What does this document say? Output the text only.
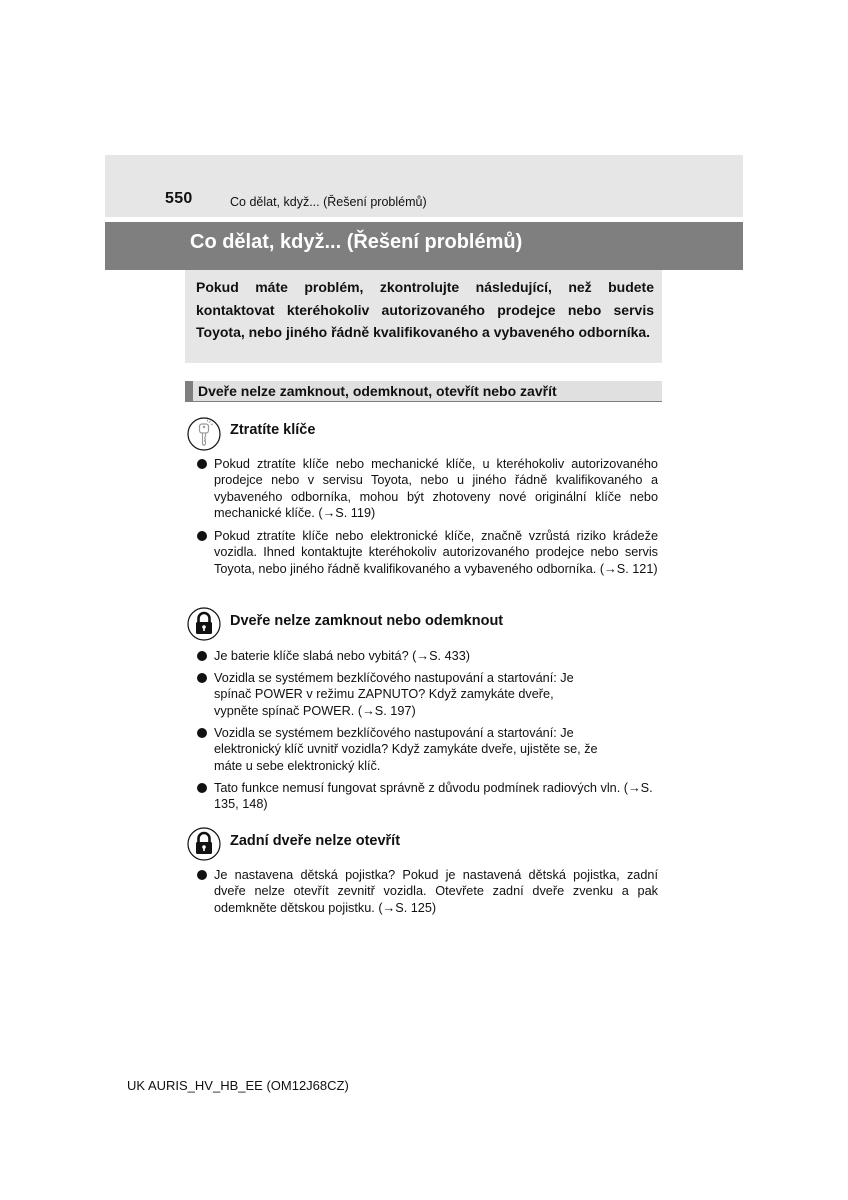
550	Co dělat, když... (Řešení problémů)
Co dělat, když... (Řešení problémů)
Pokud máte problém, zkontrolujte následující, než budete kontaktovat kteréhokoliv autorizovaného prodejce nebo servis Toyota, nebo jiného řádně kvalifikovaného a vybaveného odborníka.
Dveře nelze zamknout, odemknout, otevřít nebo zavřít
Ztratíte klíče
Pokud ztratíte klíče nebo mechanické klíče, u kteréhokoliv autorizovaného prodejce nebo v servisu Toyota, nebo u jiného řádně kvalifikovaného a vybaveného odborníka, mohou být zhotoveny nové originální klíče nebo mechanické klíče. (→S. 119)
Pokud ztratíte klíče nebo elektronické klíče, značně vzrůstá riziko krádeže vozidla. Ihned kontaktujte kteréhokoliv autorizovaného prodejce nebo servis Toyota, nebo jiného řádně kvalifikovaného a vybaveného odborníka. (→S. 121)
Dveře nelze zamknout nebo odemknout
Je baterie klíče slabá nebo vybitá? (→S. 433)
Vozidla se systémem bezklíčového nastupování a startování: Je spínač POWER v režimu ZAPNUTO? Když zamykáte dveře, vypněte spínač POWER. (→S. 197)
Vozidla se systémem bezklíčového nastupování a startování: Je elektronický klíč uvnitř vozidla? Když zamykáte dveře, ujistěte se, že máte u sebe elektronický klíč.
Tato funkce nemusí fungovat správně z důvodu podmínek radiových vln. (→S. 135, 148)
Zadní dveře nelze otevřít
Je nastavena dětská pojistka? Pokud je nastavená dětská pojistka, zadní dveře nelze otevřít zevnitř vozidla. Otevřete zadní dveře zvenku a pak odemkněte dětskou pojistku. (→S. 125)
UK AURIS_HV_HB_EE (OM12J68CZ)
